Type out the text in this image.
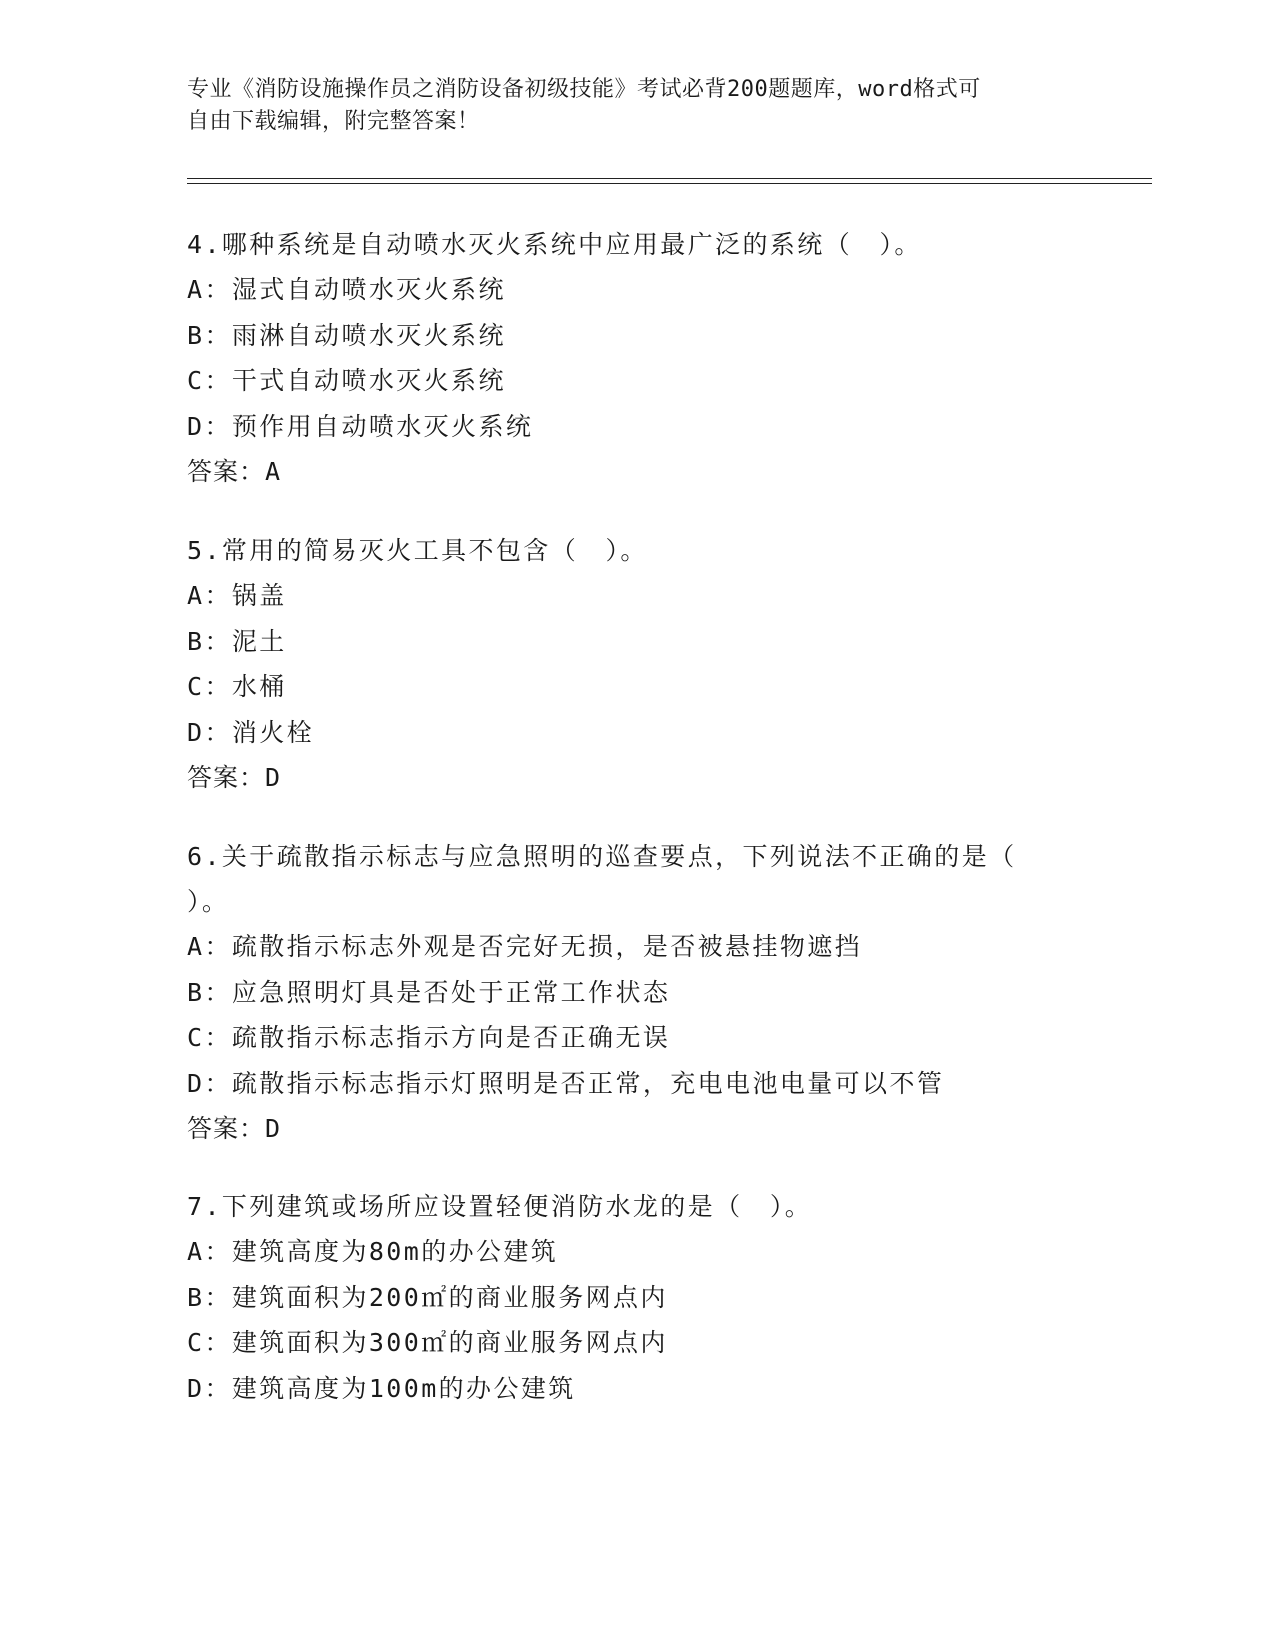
专业《消防设施操作员之消防设备初级技能》考试必背200题题库，word格式可
自由下载编辑，附完整答案！
4.哪种系统是自动喷水灭火系统中应用最广泛的系统（　）。
A：湿式自动喷水灭火系统
B：雨淋自动喷水灭火系统
C：干式自动喷水灭火系统
D：预作用自动喷水灭火系统
答案：A
5.常用的简易灭火工具不包含（　）。
A：锅盖
B：泥土
C：水桶
D：消火栓
答案：D
6.关于疏散指示标志与应急照明的巡查要点，下列说法不正确的是（
）。
A：疏散指示标志外观是否完好无损，是否被悬挂物遮挡
B：应急照明灯具是否处于正常工作状态
C：疏散指示标志指示方向是否正确无误
D：疏散指示标志指示灯照明是否正常，充电电池电量可以不管
答案：D
7.下列建筑或场所应设置轻便消防水龙的是（　）。
A：建筑高度为80m的办公建筑
B：建筑面积为200㎡的商业服务网点内
C：建筑面积为300㎡的商业服务网点内
D：建筑高度为100m的办公建筑
